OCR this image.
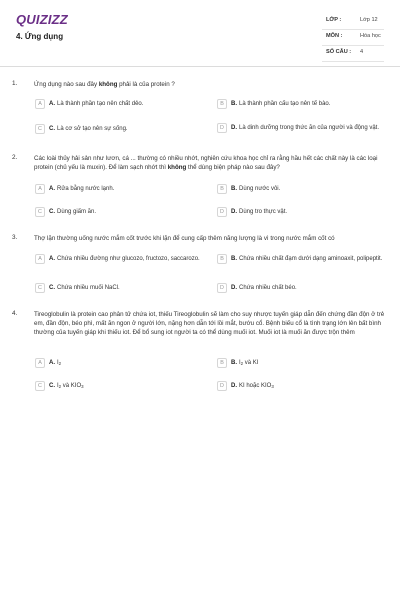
QUIZIZZ
4. Ứng dụng
LỚP :	Lớp 12
MÔN :	Hóa học
SỐ CÂU : 4
1.	Ứng dụng nào sau đây không phải là của protein ?
A	A. Là thành phần tạo nên chất dẻo.	B	B. Là thành phần cấu tạo nên tế bào.
C	C. Là cơ sở tạo nên sự sống.	D	D. Là dinh dưỡng trong thức ăn của người và động vật.
2.	Các loài thủy hải sản như lươn, cá ... thường có nhiều nhớt, nghiên cứu khoa học chỉ ra rằng hầu hết các chất này là các loại protein (chủ yếu là muxin). Để làm sạch nhớt thì không thể dùng biện pháp nào sau đây?
A	A. Rửa bằng nước lạnh.	B	B. Dùng nước vôi.
C	C. Dùng giấm ăn.	D	D. Dùng tro thực vật.
3.	Thợ lặn thường uống nước mắm cốt trước khi lặn để cung cấp thêm năng lượng là vì trong nước mắm cốt có
A	A. Chứa nhiều đường như glucozo, fructozo, saccarozo.	B	B. Chứa nhiều chất đạm dưới dạng aminoaxit, polipeptit.
C	C. Chứa nhiều muối NaCl.	D	D. Chứa nhiều chất béo.
4.	Tireoglobulin là protein cao phân tử chứa iot, thiếu Tireoglobulin sẽ làm cho suy nhược tuyến giáp dẫn đến chứng đần độn ở trẻ em, đần độn, béo phì, mất ăn ngon ở người lớn, nặng hơn dẫn tới lồi mắt, bướu cổ. Bệnh biếu cổ là tình trạng lớn lên bất bình thường của tuyến giáp khi thiếu iot. Để bổ sung iot người ta có thể dùng muối iot. Muối iot là muối ăn được trộn thêm
A	A. $I_2$	B	B. $I_2$ và KI
C	C. $I_2$ và $KIO_3$	D	D. KI hoặc $KIO_3$
